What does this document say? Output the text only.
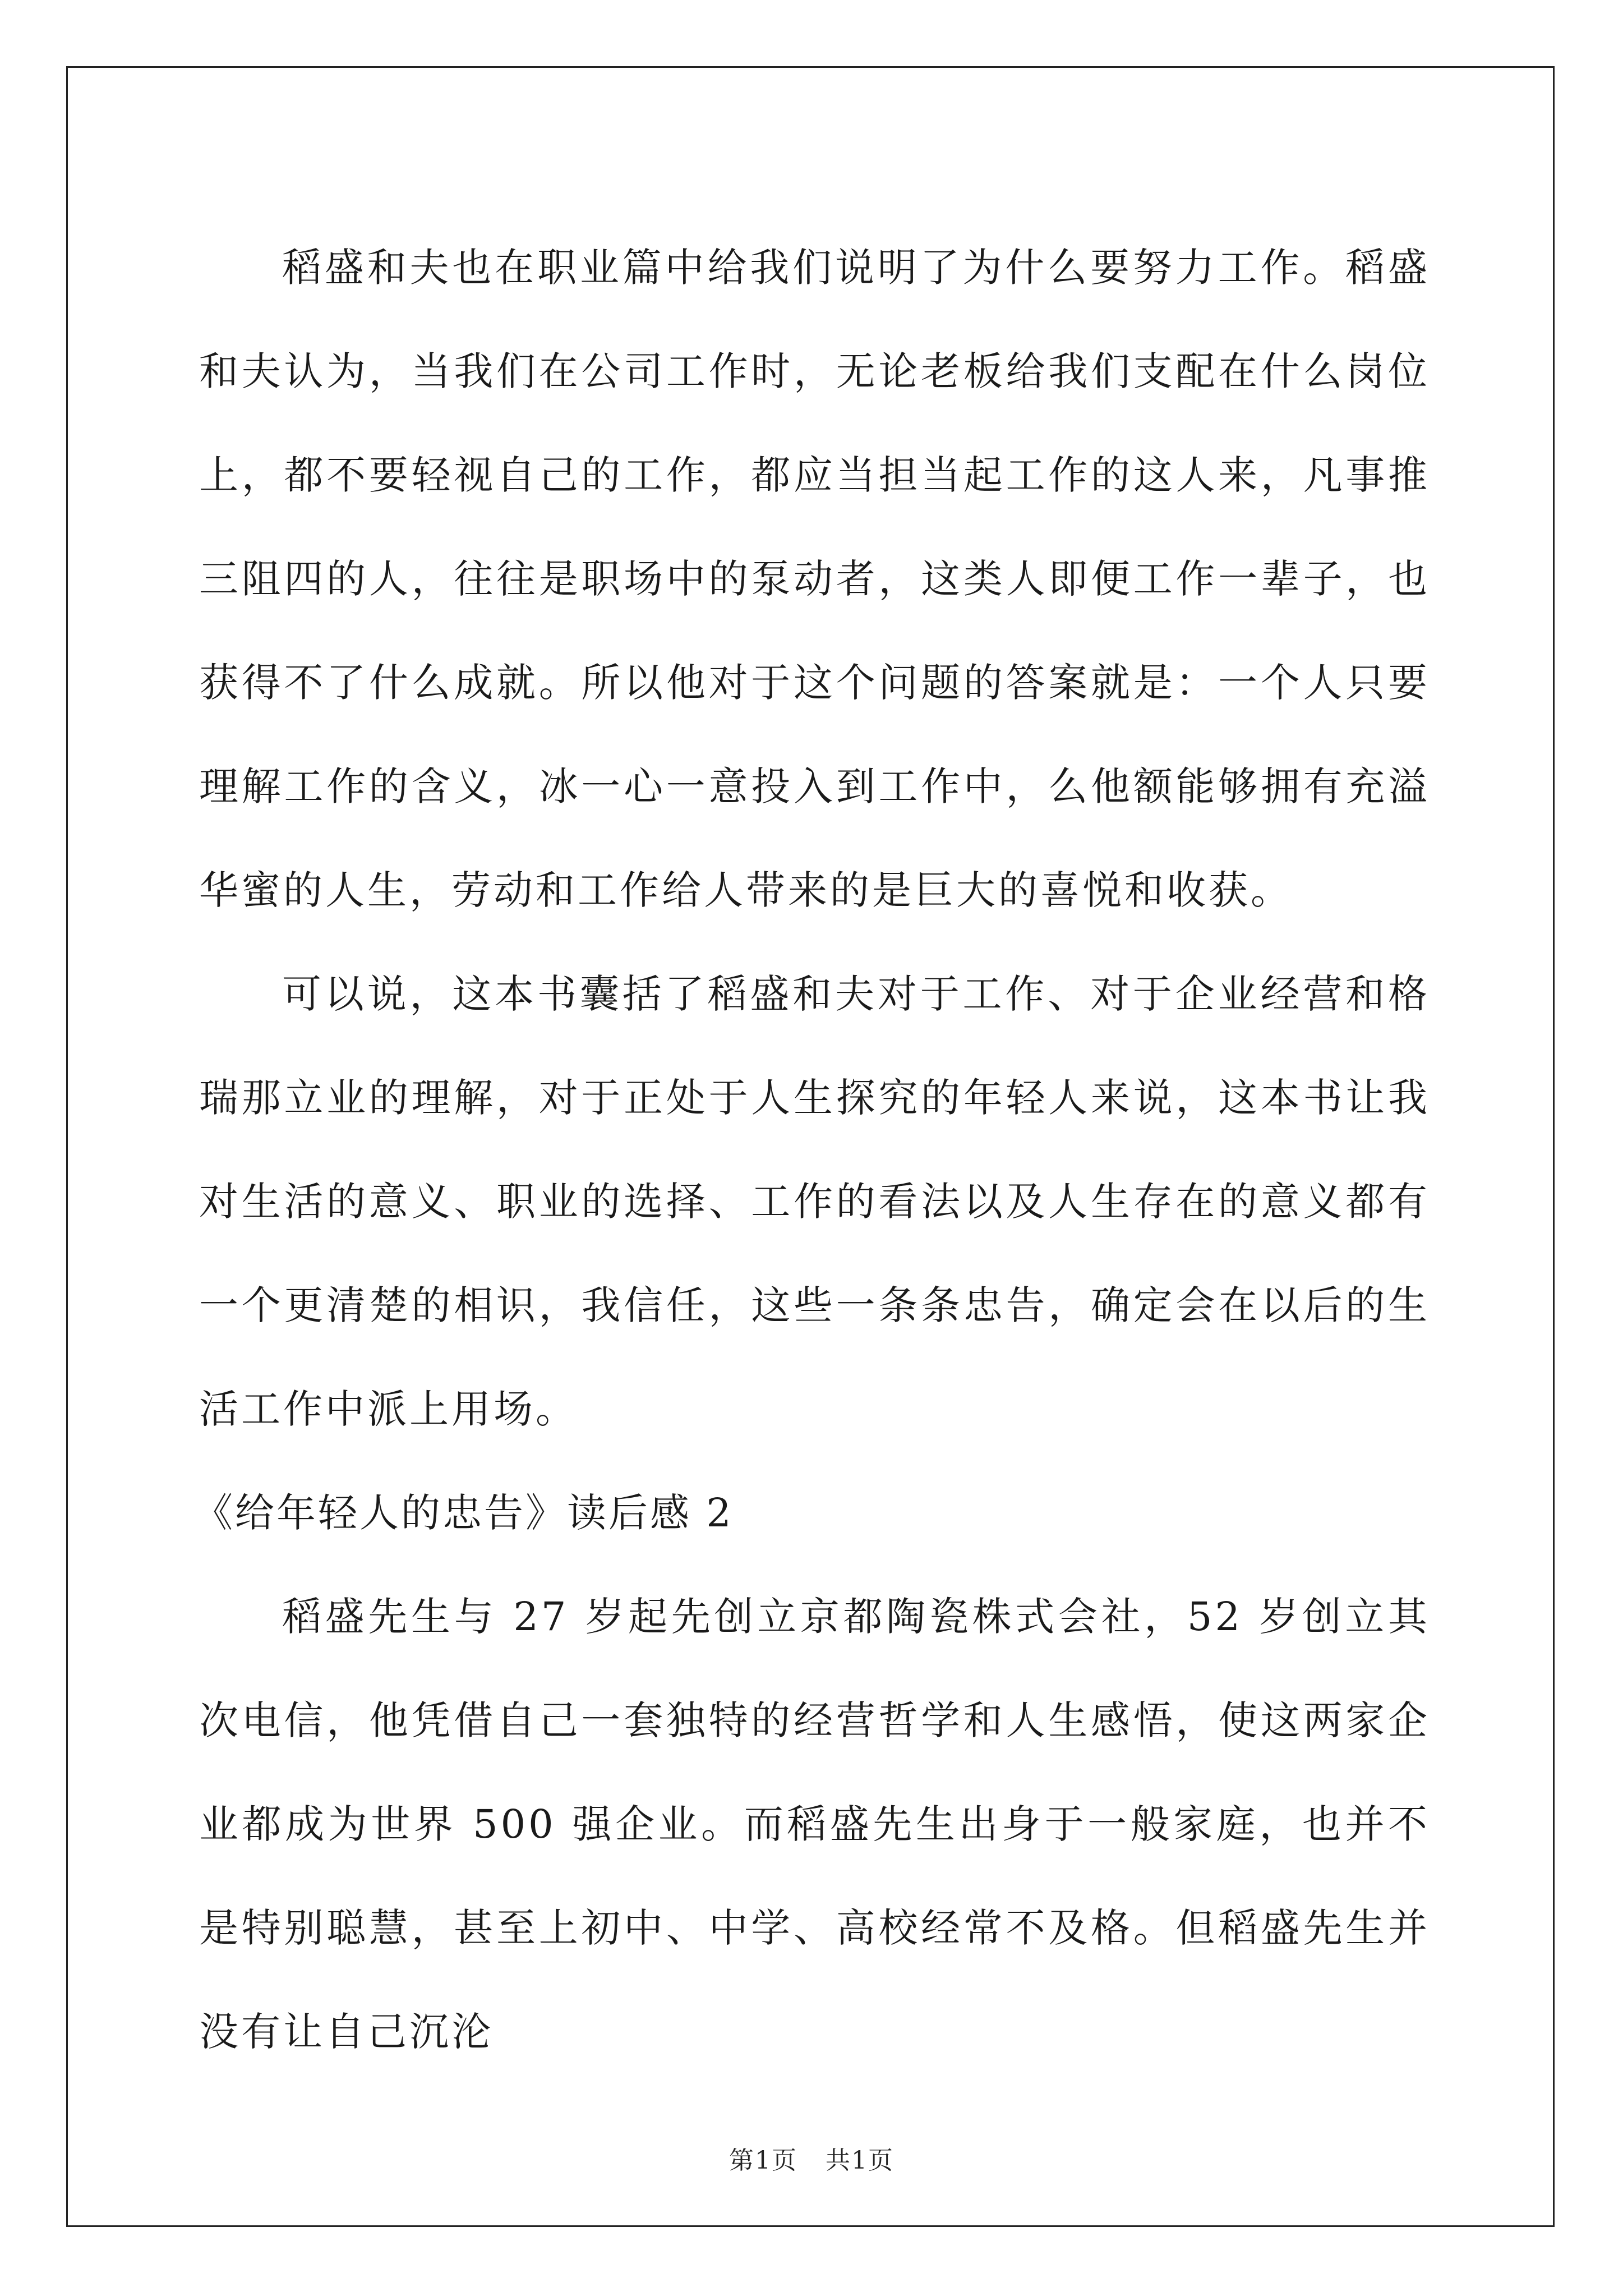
稻盛和夫也在职业篇中给我们说明了为什么要努力工作。稻盛和夫认为，当我们在公司工作时，无论老板给我们支配在什么岗位上，都不要轻视自己的工作，都应当担当起工作的这人来，凡事推三阻四的人，往往是职场中的泵动者，这类人即便工作一辈子，也获得不了什么成就。所以他对于这个问题的答案就是：一个人只要理解工作的含义，冰一心一意投入到工作中，么他额能够拥有充溢华蜜的人生，劳动和工作给人带来的是巨大的喜悦和收获。

可以说，这本书囊括了稻盛和夫对于工作、对于企业经营和格瑞那立业的理解，对于正处于人生探究的年轻人来说，这本书让我对生活的意义、职业的选择、工作的看法以及人生存在的意义都有一个更清楚的相识，我信任，这些一条条忠告，确定会在以后的生活工作中派上用场。

《给年轻人的忠告》读后感 2

稻盛先生与 27 岁起先创立京都陶瓷株式会社，52 岁创立其次电信，他凭借自己一套独特的经营哲学和人生感悟，使这两家企业都成为世界 500 强企业。而稻盛先生出身于一般家庭，也并不是特别聪慧，甚至上初中、中学、高校经常不及格。但稻盛先生并没有让自己沉沦

第1页 共1页
